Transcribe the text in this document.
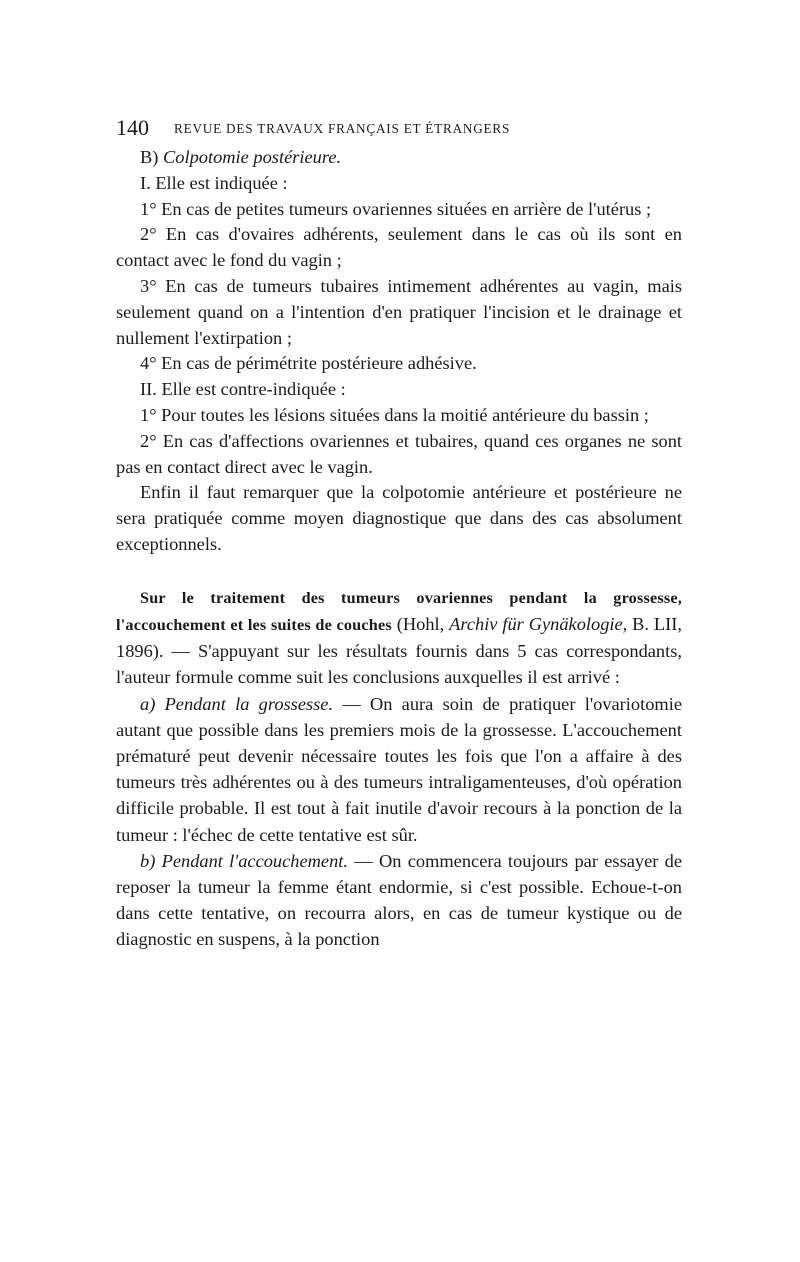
140 REVUE DES TRAVAUX FRANÇAIS ET ÉTRANGERS

B) Colpotomie postérieure.

I. Elle est indiquée :

1° En cas de petites tumeurs ovariennes situées en arrière de l'utérus ;

2° En cas d'ovaires adhérents, seulement dans le cas où ils sont en contact avec le fond du vagin ;

3° En cas de tumeurs tubaires intimement adhérentes au vagin, mais seulement quand on a l'intention d'en pratiquer l'incision et le drainage et nullement l'extirpation ;

4° En cas de périmétrite postérieure adhésive.

II. Elle est contre-indiquée :

1° Pour toutes les lésions situées dans la moitié antérieure du bassin ;

2° En cas d'affections ovariennes et tubaires, quand ces organes ne sont pas en contact direct avec le vagin.

Enfin il faut remarquer que la colpotomie antérieure et postérieure ne sera pratiquée comme moyen diagnostique que dans des cas absolument exceptionnels.

Sur le traitement des tumeurs ovariennes pendant la grossesse, l'accouchement et les suites de couches (Hohl, Archiv für Gynäkologie, B. LII, 1896). — S'appuyant sur les résultats fournis dans 5 cas correspondants, l'auteur formule comme suit les conclusions auxquelles il est arrivé :

a) Pendant la grossesse. — On aura soin de pratiquer l'ovariotomie autant que possible dans les premiers mois de la grossesse. L'accouchement prématuré peut devenir nécessaire toutes les fois que l'on a affaire à des tumeurs très adhérentes ou à des tumeurs intraligamenteuses, d'où opération difficile probable. Il est tout à fait inutile d'avoir recours à la ponction de la tumeur : l'échec de cette tentative est sûr.

b) Pendant l'accouchement. — On commencera toujours par essayer de reposer la tumeur la femme étant endormie, si c'est possible. Echoue-t-on dans cette tentative, on recourra alors, en cas de tumeur kystique ou de diagnostic en suspens, à la ponction
